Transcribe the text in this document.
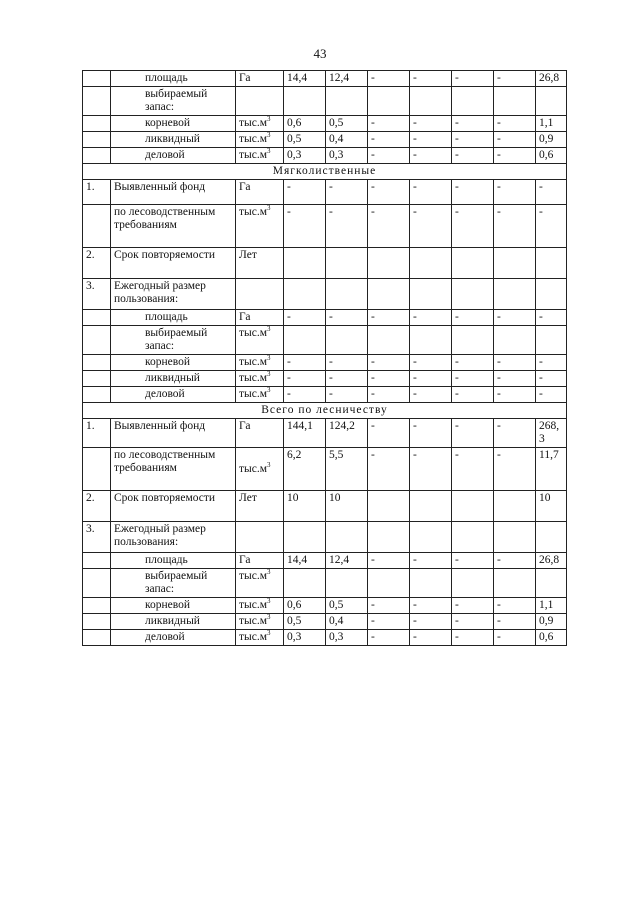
43
	площадь	Га	14,4	12,4	-	-	-	-	26,8
	выбираемый запас:								
	корневой	$тыс.м^3$	0,6	0,5	-	-	-	-	1,1
	ликвидный	$тыс.м^3$	0,5	0,4	-	-	-	-	0,9
	деловой	$тыс.м^3$	0,3	0,3	-	-	-	-	0,6
Мягколиственные									
1.	Выявленный фонд	Га	-	-	-	-	-	-	-
	по лесоводственным требованиям	$тыс.м^3$	-	-	-	-	-	-	-
2.	Срок повторяемости	Лет							
3.	Ежегодный размер пользования:								
	площадь	Га	-	-	-	-	-	-	-
	выбираемый запас:	$тыс.м^3$							
	корневой	$тыс.м^3$	-	-	-	-	-	-	-
	ликвидный	$тыс.м^3$	-	-	-	-	-	-	-
	деловой	$тыс.м^3$	-	-	-	-	-	-	-
Всего по лесничеству									
1.	Выявленный фонд	Га	144,1	124,2	-	-	-	-	268,3
	по лесоводственным требованиям	$тыс.м^3$	6,2	5,5	-	-	-	-	11,7
2.	Срок повторяемости	Лет	10	10					10
3.	Ежегодный размер пользования:								
	площадь	Га	14,4	12,4	-	-	-	-	26,8
	выбираемый запас:	$тыс.м^3$							
	корневой	$тыс.м^3$	0,6	0,5	-	-	-	-	1,1
	ликвидный	$тыс.м^3$	0,5	0,4	-	-	-	-	0,9
	деловой	$тыс.м^3$	0,3	0,3	-	-	-	-	0,6
